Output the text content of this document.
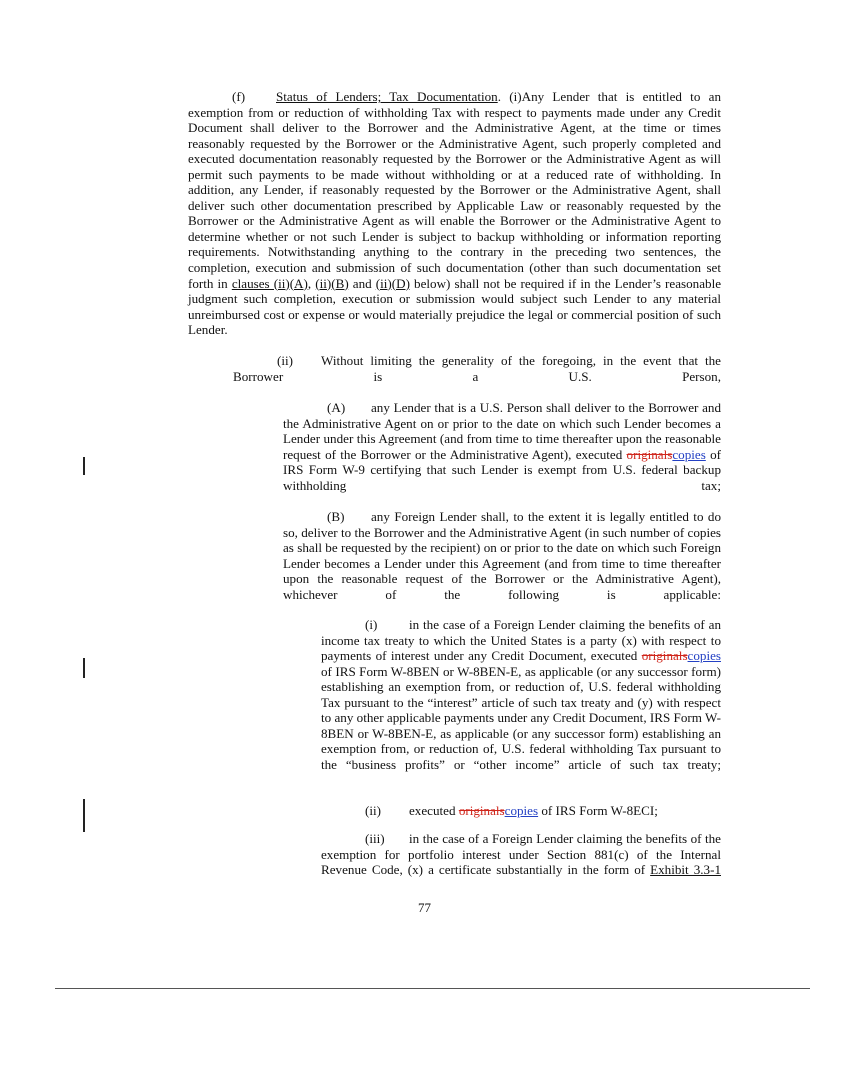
(f) Status of Lenders; Tax Documentation. (i)Any Lender that is entitled to an exemption from or reduction of withholding Tax with respect to payments made under any Credit Document shall deliver to the Borrower and the Administrative Agent, at the time or times reasonably requested by the Borrower or the Administrative Agent, such properly completed and executed documentation reasonably requested by the Borrower or the Administrative Agent as will permit such payments to be made without withholding or at a reduced rate of withholding. In addition, any Lender, if reasonably requested by the Borrower or the Administrative Agent, shall deliver such other documentation prescribed by Applicable Law or reasonably requested by the Borrower or the Administrative Agent as will enable the Borrower or the Administrative Agent to determine whether or not such Lender is subject to backup withholding or information reporting requirements. Notwithstanding anything to the contrary in the preceding two sentences, the completion, execution and submission of such documentation (other than such documentation set forth in clauses (ii)(A), (ii)(B) and (ii)(D) below) shall not be required if in the Lender’s reasonable judgment such completion, execution or submission would subject such Lender to any material unreimbursed cost or expense or would materially prejudice the legal or commercial position of such Lender.

(ii) Without limiting the generality of the foregoing, in the event that the Borrower is a U.S. Person,

(A) any Lender that is a U.S. Person shall deliver to the Borrower and the Administrative Agent on or prior to the date on which such Lender becomes a Lender under this Agreement (and from time to time thereafter upon the reasonable request of the Borrower or the Administrative Agent), executed originalscopies of IRS Form W-9 certifying that such Lender is exempt from U.S. federal backup withholding tax;

(B) any Foreign Lender shall, to the extent it is legally entitled to do so, deliver to the Borrower and the Administrative Agent (in such number of copies as shall be requested by the recipient) on or prior to the date on which such Foreign Lender becomes a Lender under this Agreement (and from time to time thereafter upon the reasonable request of the Borrower or the Administrative Agent), whichever of the following is applicable:

(i) in the case of a Foreign Lender claiming the benefits of an income tax treaty to which the United States is a party (x) with respect to payments of interest under any Credit Document, executed originalscopies of IRS Form W-8BEN or W-8BEN-E, as applicable (or any successor form) establishing an exemption from, or reduction of, U.S. federal withholding Tax pursuant to the “interest” article of such tax treaty and (y) with respect to any other applicable payments under any Credit Document, IRS Form W-8BEN or W-8BEN-E, as applicable (or any successor form) establishing an exemption from, or reduction of, U.S. federal withholding Tax pursuant to the “business profits” or “other income” article of such tax treaty;

(ii) executed originalscopies of IRS Form W-8ECI;

(iii) in the case of a Foreign Lender claiming the benefits of the exemption for portfolio interest under Section 881(c) of the Internal Revenue Code, (x) a certificate substantially in the form of Exhibit 3.3-1

77
